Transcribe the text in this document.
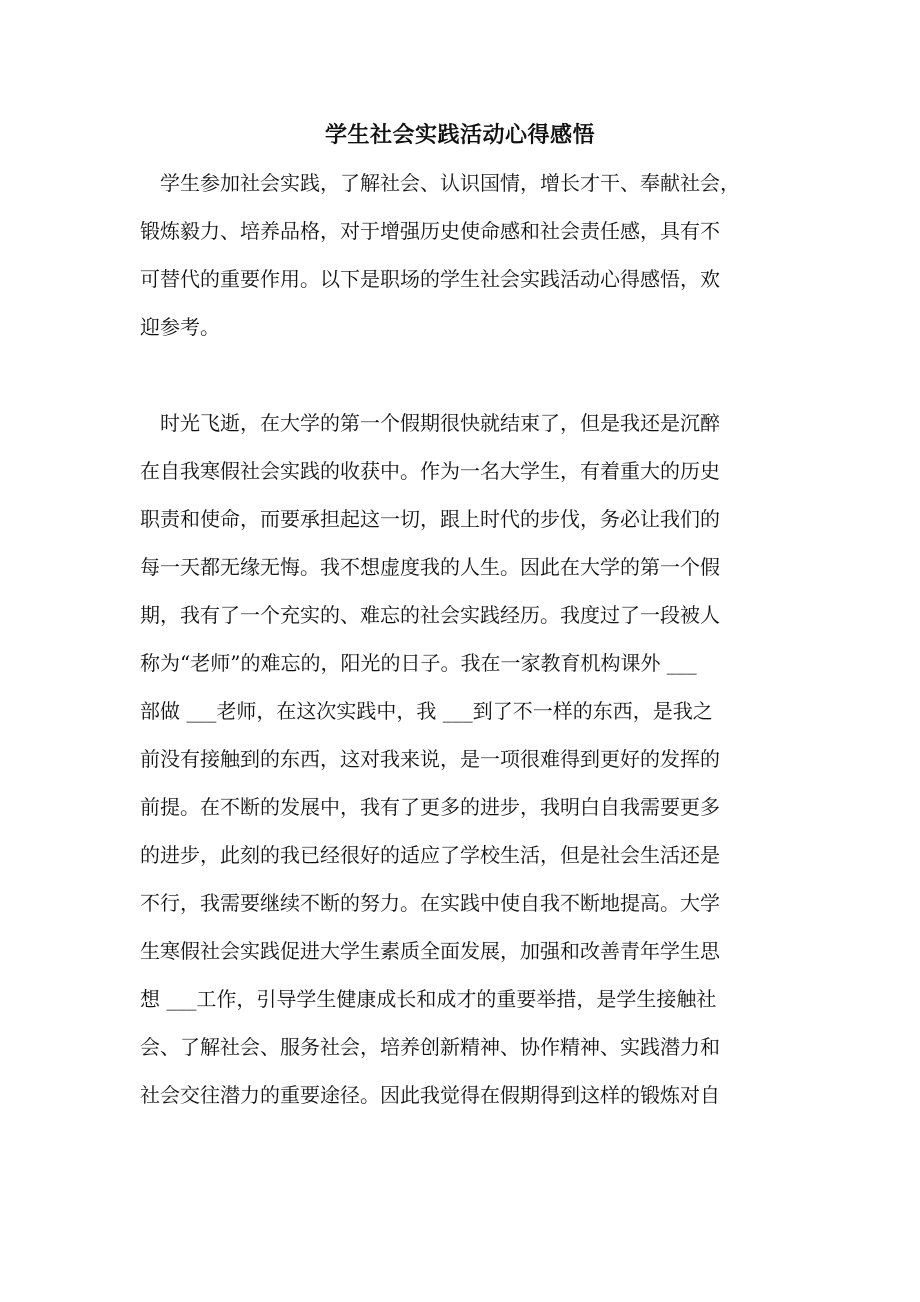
学生社会实践活动心得感悟
学生参加社会实践，了解社会、认识国情，增长才干、奉献社会，
锻炼毅力、培养品格，对于增强历史使命感和社会责任感，具有不
可替代的重要作用。以下是职场的学生社会实践活动心得感悟，欢
迎参考。
时光飞逝，在大学的第一个假期很快就结束了，但是我还是沉醉
在自我寒假社会实践的收获中。作为一名大学生，有着重大的历史
职责和使命，而要承担起这一切，跟上时代的步伐，务必让我们的
每一天都无缘无悔。我不想虚度我的人生。因此在大学的第一个假
期，我有了一个充实的、难忘的社会实践经历。我度过了一段被人
称为“老师”的难忘的，阳光的日子。我在一家教育机构课外 ___
部做 ___老师，在这次实践中，我 ___到了不一样的东西，是我之
前没有接触到的东西，这对我来说，是一项很难得到更好的发挥的
前提。在不断的发展中，我有了更多的进步，我明白自我需要更多
的进步，此刻的我已经很好的适应了学校生活，但是社会生活还是
不行，我需要继续不断的努力。在实践中使自我不断地提高。大学
生寒假社会实践促进大学生素质全面发展，加强和改善青年学生思
想 ___工作，引导学生健康成长和成才的重要举措，是学生接触社
会、了解社会、服务社会，培养创新精神、协作精神、实践潜力和
社会交往潜力的重要途径。因此我觉得在假期得到这样的锻炼对自
